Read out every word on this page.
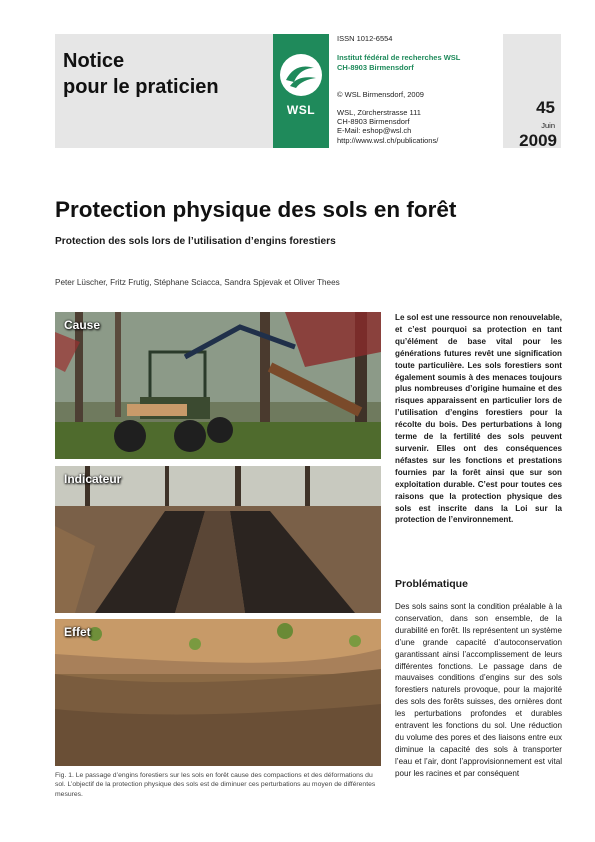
Notice
pour le praticien
WSL
ISSN 1012-6554
Institut fédéral de recherches WSL
CH-8903 Birmensdorf
© WSL Birmensdorf, 2009
WSL, Zürcherstrasse 111
CH-8903 Birmensdorf
E-Mail: eshop@wsl.ch
http://www.wsl.ch/publications/
45
Juin
2009
Protection physique des sols en forêt
Protection des sols lors de l’utilisation d’engins forestiers
Peter Lüscher, Fritz Frutig, Stéphane Sciacca, Sandra Spjevak et Oliver Thees
Cause
Indicateur
Effet
Fig. 1. Le passage d’engins forestiers sur les sols en forêt cause des compactions et des déformations du sol. L’objectif de la protection physique des sols est de diminuer ces perturbations au moyen de différentes mesures.
Le sol est une ressource non renouvelable, et c’est pourquoi sa protection en tant qu’élément de base vital pour les générations futures revêt une signification toute particulière. Les sols forestiers sont également soumis à des menaces toujours plus nombreuses d’origine humaine et des risques apparaissent en particulier lors de l’utilisation d’engins forestiers pour la récolte du bois. Des perturbations à long terme de la fertilité des sols peuvent survenir. Elles ont des conséquences néfastes sur les fonctions et prestations fournies par la forêt ainsi que sur son exploitation durable. C’est pour toutes ces raisons que la protection physique des sols est inscrite dans la Loi sur la protection de l’environnement.
Problématique
Des sols sains sont la condition préalable à la conservation, dans son ensemble, de la durabilité en forêt. Ils représentent un système d’une grande capacité d’autoconservation garantissant ainsi l’accomplissement de leurs différentes fonctions. Le passage dans de mauvaises conditions d’engins sur des sols forestiers naturels provoque, pour la majorité des sols des forêts suisses, des ornières dont les perturbations profondes et durables entravent les fonctions du sol. Une réduction du volume des pores et des liaisons entre eux diminue la capacité des sols à transporter l’eau et l’air, dont l’approvisionnement est vital pour les racines et par conséquent
